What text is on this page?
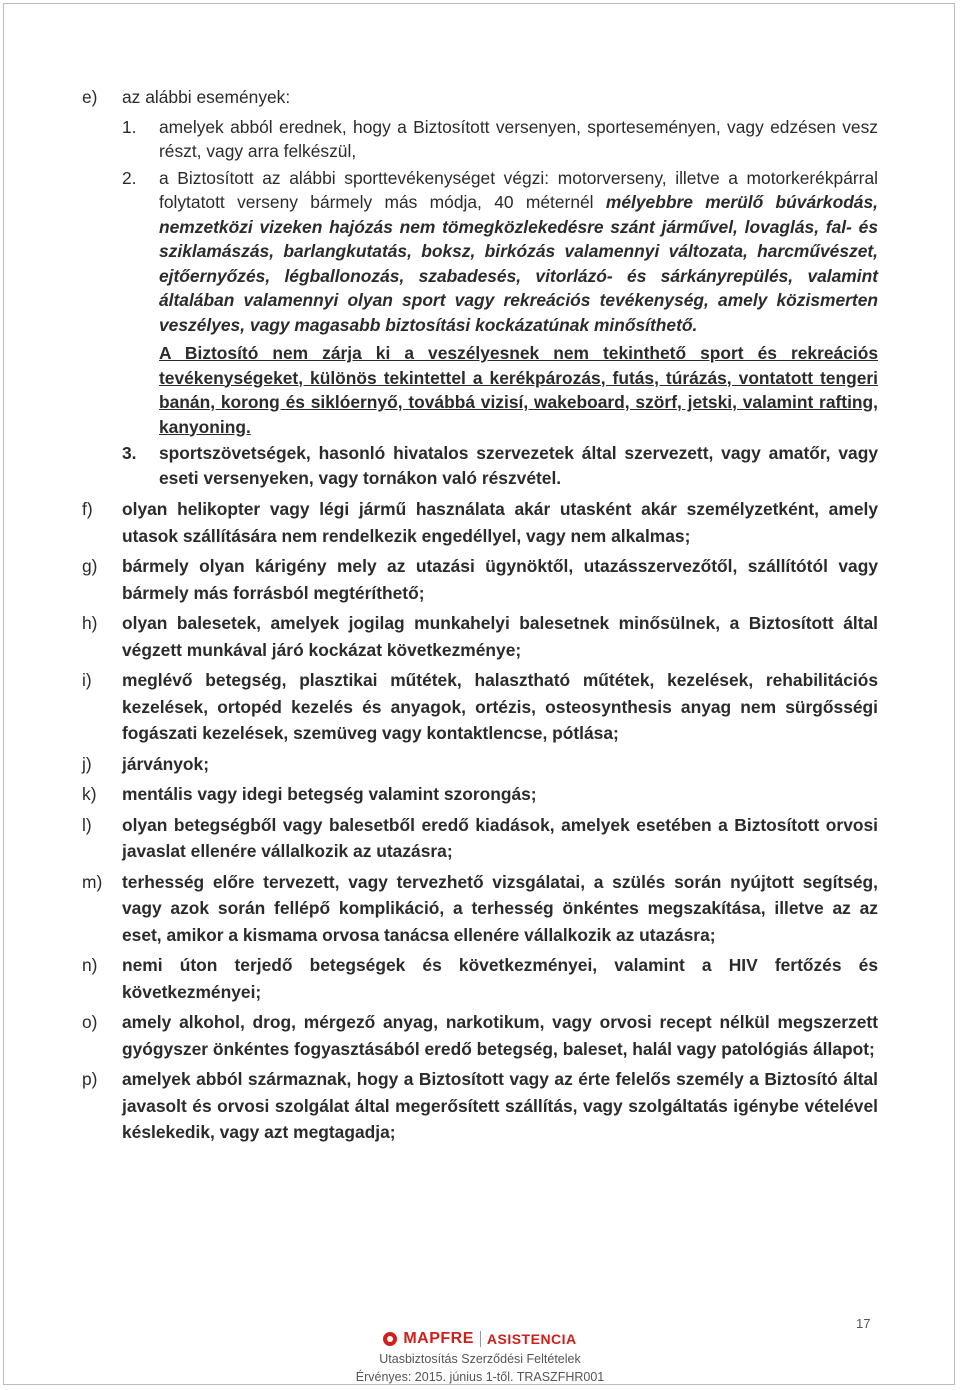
e) az alábbi események:
1. amelyek abból erednek, hogy a Biztosított versenyen, sporteseményen, vagy edzésen vesz részt, vagy arra felkészül,
2. a Biztosított az alábbi sporttevékenységet végzi: motorverseny, illetve a motorkerékpárral folytatott verseny bármely más módja, 40 méternél mélyebbre merülő búvárkodás, nemzetközi vizeken hajózás nem tömegközlekedésre szánt járművel, lovaglás, fal- és sziklamászás, barlangkutatás, boksz, birkózás valamennyi változata, harcművészet, ejtőernyőzés, légballonozás, szabadesés, vitorlázó- és sárkányrepülés, valamint általában valamennyi olyan sport vagy rekreációs tevékenység, amely közismerten veszélyes, vagy magasabb biztosítási kockázatúnak minősíthető.
A Biztosító nem zárja ki a veszélyesnek nem tekinthető sport és rekreációs tevékenységeket, különös tekintettel a kerékpározás, futás, túrázás, vontatott tengeri banán, korong és siklóernyő, továbbá vizisí, wakeboard, szörf, jetski, valamint rafting, kanyoning.
3. sportszövetségek, hasonló hivatalos szervezetek által szervezett, vagy amatőr, vagy eseti versenyeken, vagy tornákon való részvétel.
f) olyan helikopter vagy légi jármű használata akár utasként akár személyzetként, amely utasok szállítására nem rendelkezik engedéllyel, vagy nem alkalmas;
g) bármely olyan kárigény mely az utazási ügynöktől, utazásszervezőtől, szállítótól vagy bármely más forrásból megtéríthető;
h) olyan balesetek, amelyek jogilag munkahelyi balesetnek minősülnek, a Biztosított által végzett munkával járó kockázat következménye;
i) meglévő betegség, plasztikai műtétek, halasztható műtétek, kezelések, rehabilitációs kezelések, ortopéd kezelés és anyagok, ortézis, osteosynthesis anyag nem sürgősségi fogászati kezelések, szemüveg vagy kontaktlencse, pótlása;
j) járványok;
k) mentális vagy idegi betegség valamint szorongás;
l) olyan betegségből vagy balesetből eredő kiadások, amelyek esetében a Biztosított orvosi javaslat ellenére vállalkozik az utazásra;
m) terhesség előre tervezett, vagy tervezhető vizsgálatai, a szülés során nyújtott segítség, vagy azok során fellépő komplikáció, a terhesség önkéntes megszakítása, illetve az az eset, amikor a kismama orvosa tanácsa ellenére vállalkozik az utazásra;
n) nemi úton terjedő betegségek és következményei, valamint a HIV fertőzés és következményei;
o) amely alkohol, drog, mérgező anyag, narkotikum, vagy orvosi recept nélkül megszerzett gyógyszer önkéntes fogyasztásából eredő betegség, baleset, halál vagy patológiás állapot;
p) amelyek abból származnak, hogy a Biztosított vagy az érte felelős személy a Biztosító által javasolt és orvosi szolgálat által megerősített szállítás, vagy szolgáltatás igénybe vételével késlekedik, vagy azt megtagadja;
17
MAPFRE ASISTENCIA
Utasbiztosítás Szerződési Feltételek
Érvényes: 2015. június 1-től. TRASZFHR001
